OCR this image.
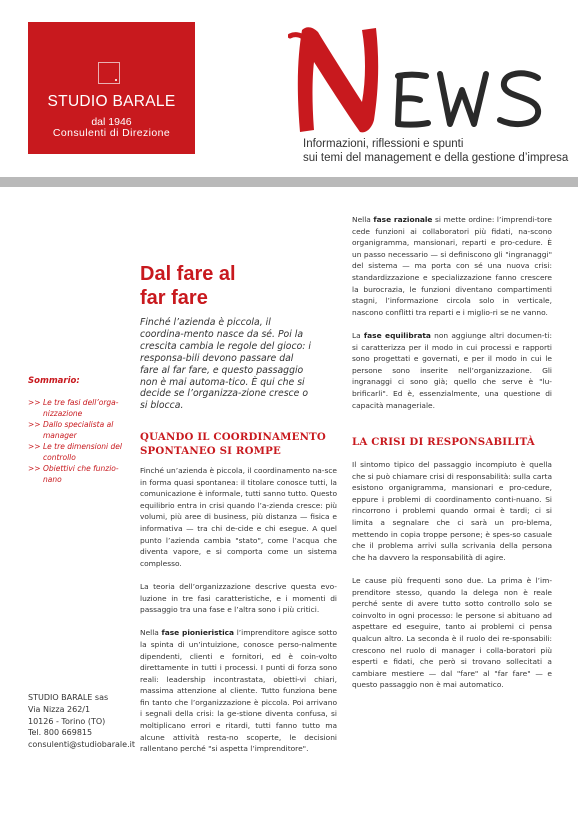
STUDIO BARALE
dal 1946
Consulenti di Direzione
Informazioni, riflessioni e spunti
sui temi del management e della gestione d’impresa
Sommario:
>> Le tre fasi dell’orga-nizzazione
>> Dallo specialista al manager
>> Le tre dimensioni del controllo
>> Obiettivi che funzio-nano
STUDIO BARALE sas
Via Nizza 262/1
10126 - Torino (TO)
Tel. 800 669815
consulenti@studiobarale.it
Dal fare al
far fare
Finché l’azienda è piccola, il coordina-mento nasce da sé. Poi la crescita cambia le regole del gioco: i responsa-bili devono passare dal fare al far fare, e questo passaggio non è mai automa-tico. È qui che si decide se l’organizza-zione cresce o si blocca.
QUANDO IL COORDINAMENTO
SPONTANEO SI ROMPE

Finché un’azienda è piccola, il coordinamento na-sce in forma quasi spontanea: il titolare conosce tutti, la comunicazione è informale, tutti sanno tutto. Questo equilibrio entra in crisi quando l’a-zienda cresce: più volumi, più aree di business, più distanza — fisica e informativa — tra chi de-cide e chi esegue. A quel punto l’azienda cambia "stato", come l’acqua che diventa vapore, e si comporta come un sistema complesso.

La teoria dell’organizzazione descrive questa evo-luzione in tre fasi caratteristiche, e i momenti di passaggio tra una fase e l’altra sono i più critici.

Nella fase pionieristica l’imprenditore agisce sotto la spinta di un’intuizione, conosce perso-nalmente dipendenti, clienti e fornitori, ed è coin-volto direttamente in tutti i processi. I punti di forza sono reali: leadership incontrastata, obietti-vi chiari, massima attenzione al cliente. Tutto funziona bene fin tanto che l’organizzazione è piccola. Poi arrivano i segnali della crisi: la ge-stione diventa confusa, si moltiplicano errori e ritardi, tutti fanno tutto ma alcune attività resta-no scoperte, le decisioni rallentano perché "si aspetta l’imprenditore".

Nella fase razionale si mette ordine: l’imprendi-tore cede funzioni ai collaboratori più fidati, na-scono organigramma, mansionari, reparti e pro-cedure. È un passo necessario — si definiscono gli "ingranaggi" del sistema — ma porta con sé una nuova crisi: standardizzazione e specializzazione fanno crescere la burocrazia, le funzioni diventano compartimenti stagni, l’informazione circola solo in verticale, nascono conflitti tra reparti e i miglio-ri se ne vanno.

La fase equilibrata non aggiunge altri documen-ti: si caratterizza per il modo in cui processi e rapporti sono progettati e governati, e per il modo in cui le persone sono inserite nell’organizzazione. Gli ingranaggi ci sono già; quello che serve è "lu-brificarli". Ed è, essenzialmente, una questione di capacità manageriale.

LA CRISI DI RESPONSABILITÀ

Il sintomo tipico del passaggio incompiuto è quella che si può chiamare crisi di responsabilità: sulla carta esistono organigramma, mansionari e pro-cedure, eppure i problemi di coordinamento conti-nuano. Si rincorrono i problemi quando ormai è tardi; ci si limita a segnalare che ci sarà un pro-blema, mettendo in copia troppe persone; è spes-so casuale che il problema arrivi sulla scrivania della persona che ha davvero la responsabilità di agire.

Le cause più frequenti sono due. La prima è l’im-prenditore stesso, quando la delega non è reale perché sente di avere tutto sotto controllo solo se coinvolto in ogni processo: le persone si abituano ad aspettare ed eseguire, tanto ai problemi ci pensa qualcun altro. La seconda è il ruolo dei re-sponsabili: crescono nel ruolo di manager i colla-boratori più esperti e fidati, che però si trovano sollecitati a cambiare mestiere — dal "fare" al "far fare" — e questo passaggio non è mai automatico.
